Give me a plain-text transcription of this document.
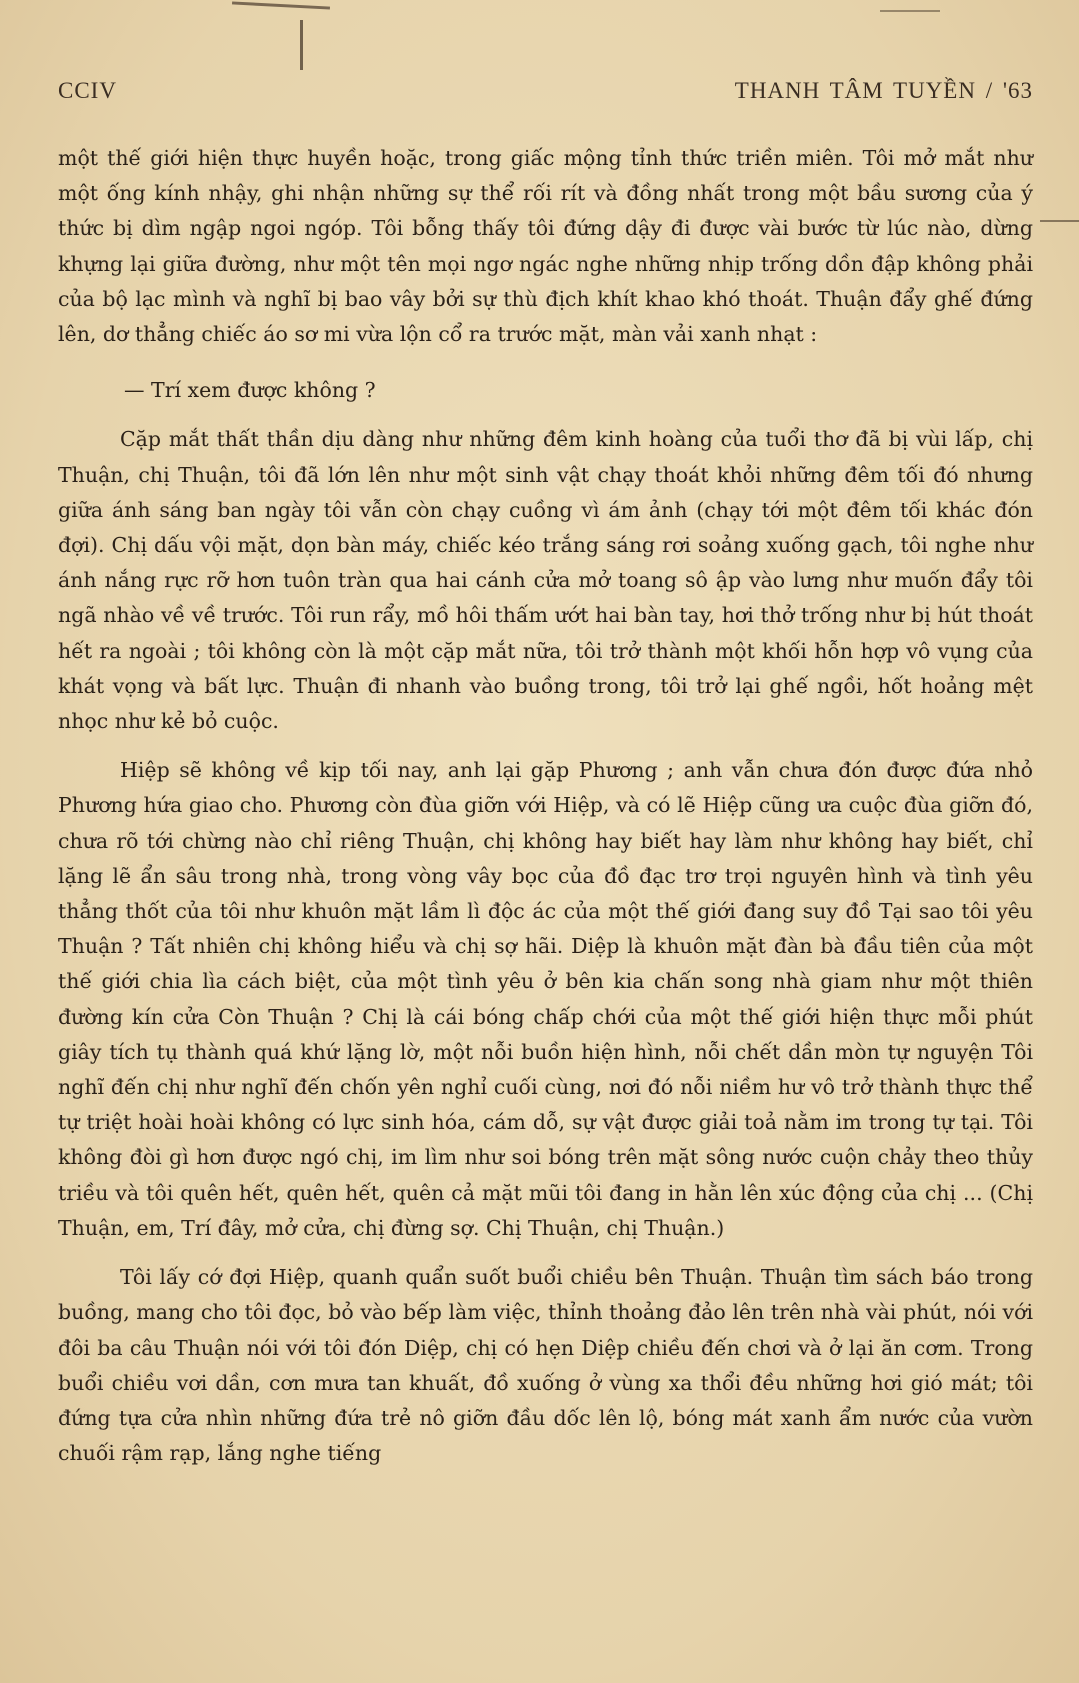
CCIV	THANH TÂM TUYỀN / '63

một thế giới hiện thực huyền hoặc, trong giấc mộng tỉnh thức triền miên. Tôi mở mắt như một ống kính nhậy, ghi nhận những sự thể rối rít và đồng nhất trong một bầu sương của ý thức bị dìm ngập ngoi ngóp. Tôi bỗng thấy tôi đứng dậy đi được vài bước từ lúc nào, dừng khựng lại giữa đường, như một tên mọi ngơ ngác nghe những nhịp trống dồn đập không phải của bộ lạc mình và nghĩ bị bao vây bởi sự thù địch khít khao khó thoát. Thuận đẩy ghế đứng lên, dơ thẳng chiếc áo sơ mi vừa lộn cổ ra trước mặt, màn vải xanh nhạt :

— Trí xem được không ?

Cặp mắt thất thần dịu dàng như những đêm kinh hoàng của tuổi thơ đã bị vùi lấp, chị Thuận, chị Thuận, tôi đã lớn lên như một sinh vật chạy thoát khỏi những đêm tối đó nhưng giữa ánh sáng ban ngày tôi vẫn còn chạy cuồng vì ám ảnh (chạy tới một đêm tối khác đón đợi). Chị dấu vội mặt, dọn bàn máy, chiếc kéo trắng sáng rơi soảng xuống gạch, tôi nghe như ánh nắng rực rỡ hơn tuôn tràn qua hai cánh cửa mở toang sô ập vào lưng như muốn đẩy tôi ngã nhào về về trước. Tôi run rẩy, mồ hôi thấm ướt hai bàn tay, hơi thở trống như bị hút thoát hết ra ngoài ; tôi không còn là một cặp mắt nữa, tôi trở thành một khối hỗn hợp vô vụng của khát vọng và bất lực. Thuận đi nhanh vào buồng trong, tôi trở lại ghế ngồi, hốt hoảng mệt nhọc như kẻ bỏ cuộc.

Hiệp sẽ không về kịp tối nay, anh lại gặp Phương ; anh vẫn chưa đón được đứa nhỏ Phương hứa giao cho. Phương còn đùa giỡn với Hiệp, và có lẽ Hiệp cũng ưa cuộc đùa giỡn đó, chưa rõ tới chừng nào chỉ riêng Thuận, chị không hay biết hay làm như không hay biết, chỉ lặng lẽ ẩn sâu trong nhà, trong vòng vây bọc của đồ đạc trơ trọi nguyên hình và tình yêu thẳng thốt của tôi như khuôn mặt lầm lì độc ác của một thế giới đang suy đồ Tại sao tôi yêu Thuận ? Tất nhiên chị không hiểu và chị sợ hãi. Diệp là khuôn mặt đàn bà đầu tiên của một thế giới chia lìa cách biệt, của một tình yêu ở bên kia chấn song nhà giam như một thiên đường kín cửa Còn Thuận ? Chị là cái bóng chấp chới của một thế giới hiện thực mỗi phút giây tích tụ thành quá khứ lặng lờ, một nỗi buồn hiện hình, nỗi chết dần mòn tự nguyện Tôi nghĩ đến chị như nghĩ đến chốn yên nghỉ cuối cùng, nơi đó nỗi niềm hư vô trở thành thực thể tự triệt hoài hoài không có lực sinh hóa, cám dỗ, sự vật được giải toả nằm im trong tự tại. Tôi không đòi gì hơn được ngó chị, im lìm như soi bóng trên mặt sông nước cuộn chảy theo thủy triều và tôi quên hết, quên hết, quên cả mặt mũi tôi đang in hằn lên xúc động của chị ... (Chị Thuận, em, Trí đây, mở cửa, chị đừng sợ. Chị Thuận, chị Thuận.)

Tôi lấy cớ đợi Hiệp, quanh quẩn suốt buổi chiều bên Thuận. Thuận tìm sách báo trong buồng, mang cho tôi đọc, bỏ vào bếp làm việc, thỉnh thoảng đảo lên trên nhà vài phút, nói với đôi ba câu Thuận nói với tôi đón Diệp, chị có hẹn Diệp chiều đến chơi và ở lại ăn cơm. Trong buổi chiều vơi dần, cơn mưa tan khuất, đồ xuống ở vùng xa thổi đều những hơi gió mát; tôi đứng tựa cửa nhìn những đứa trẻ nô giỡn đầu dốc lên lộ, bóng mát xanh ẩm nước của vườn chuối rậm rạp, lắng nghe tiếng
